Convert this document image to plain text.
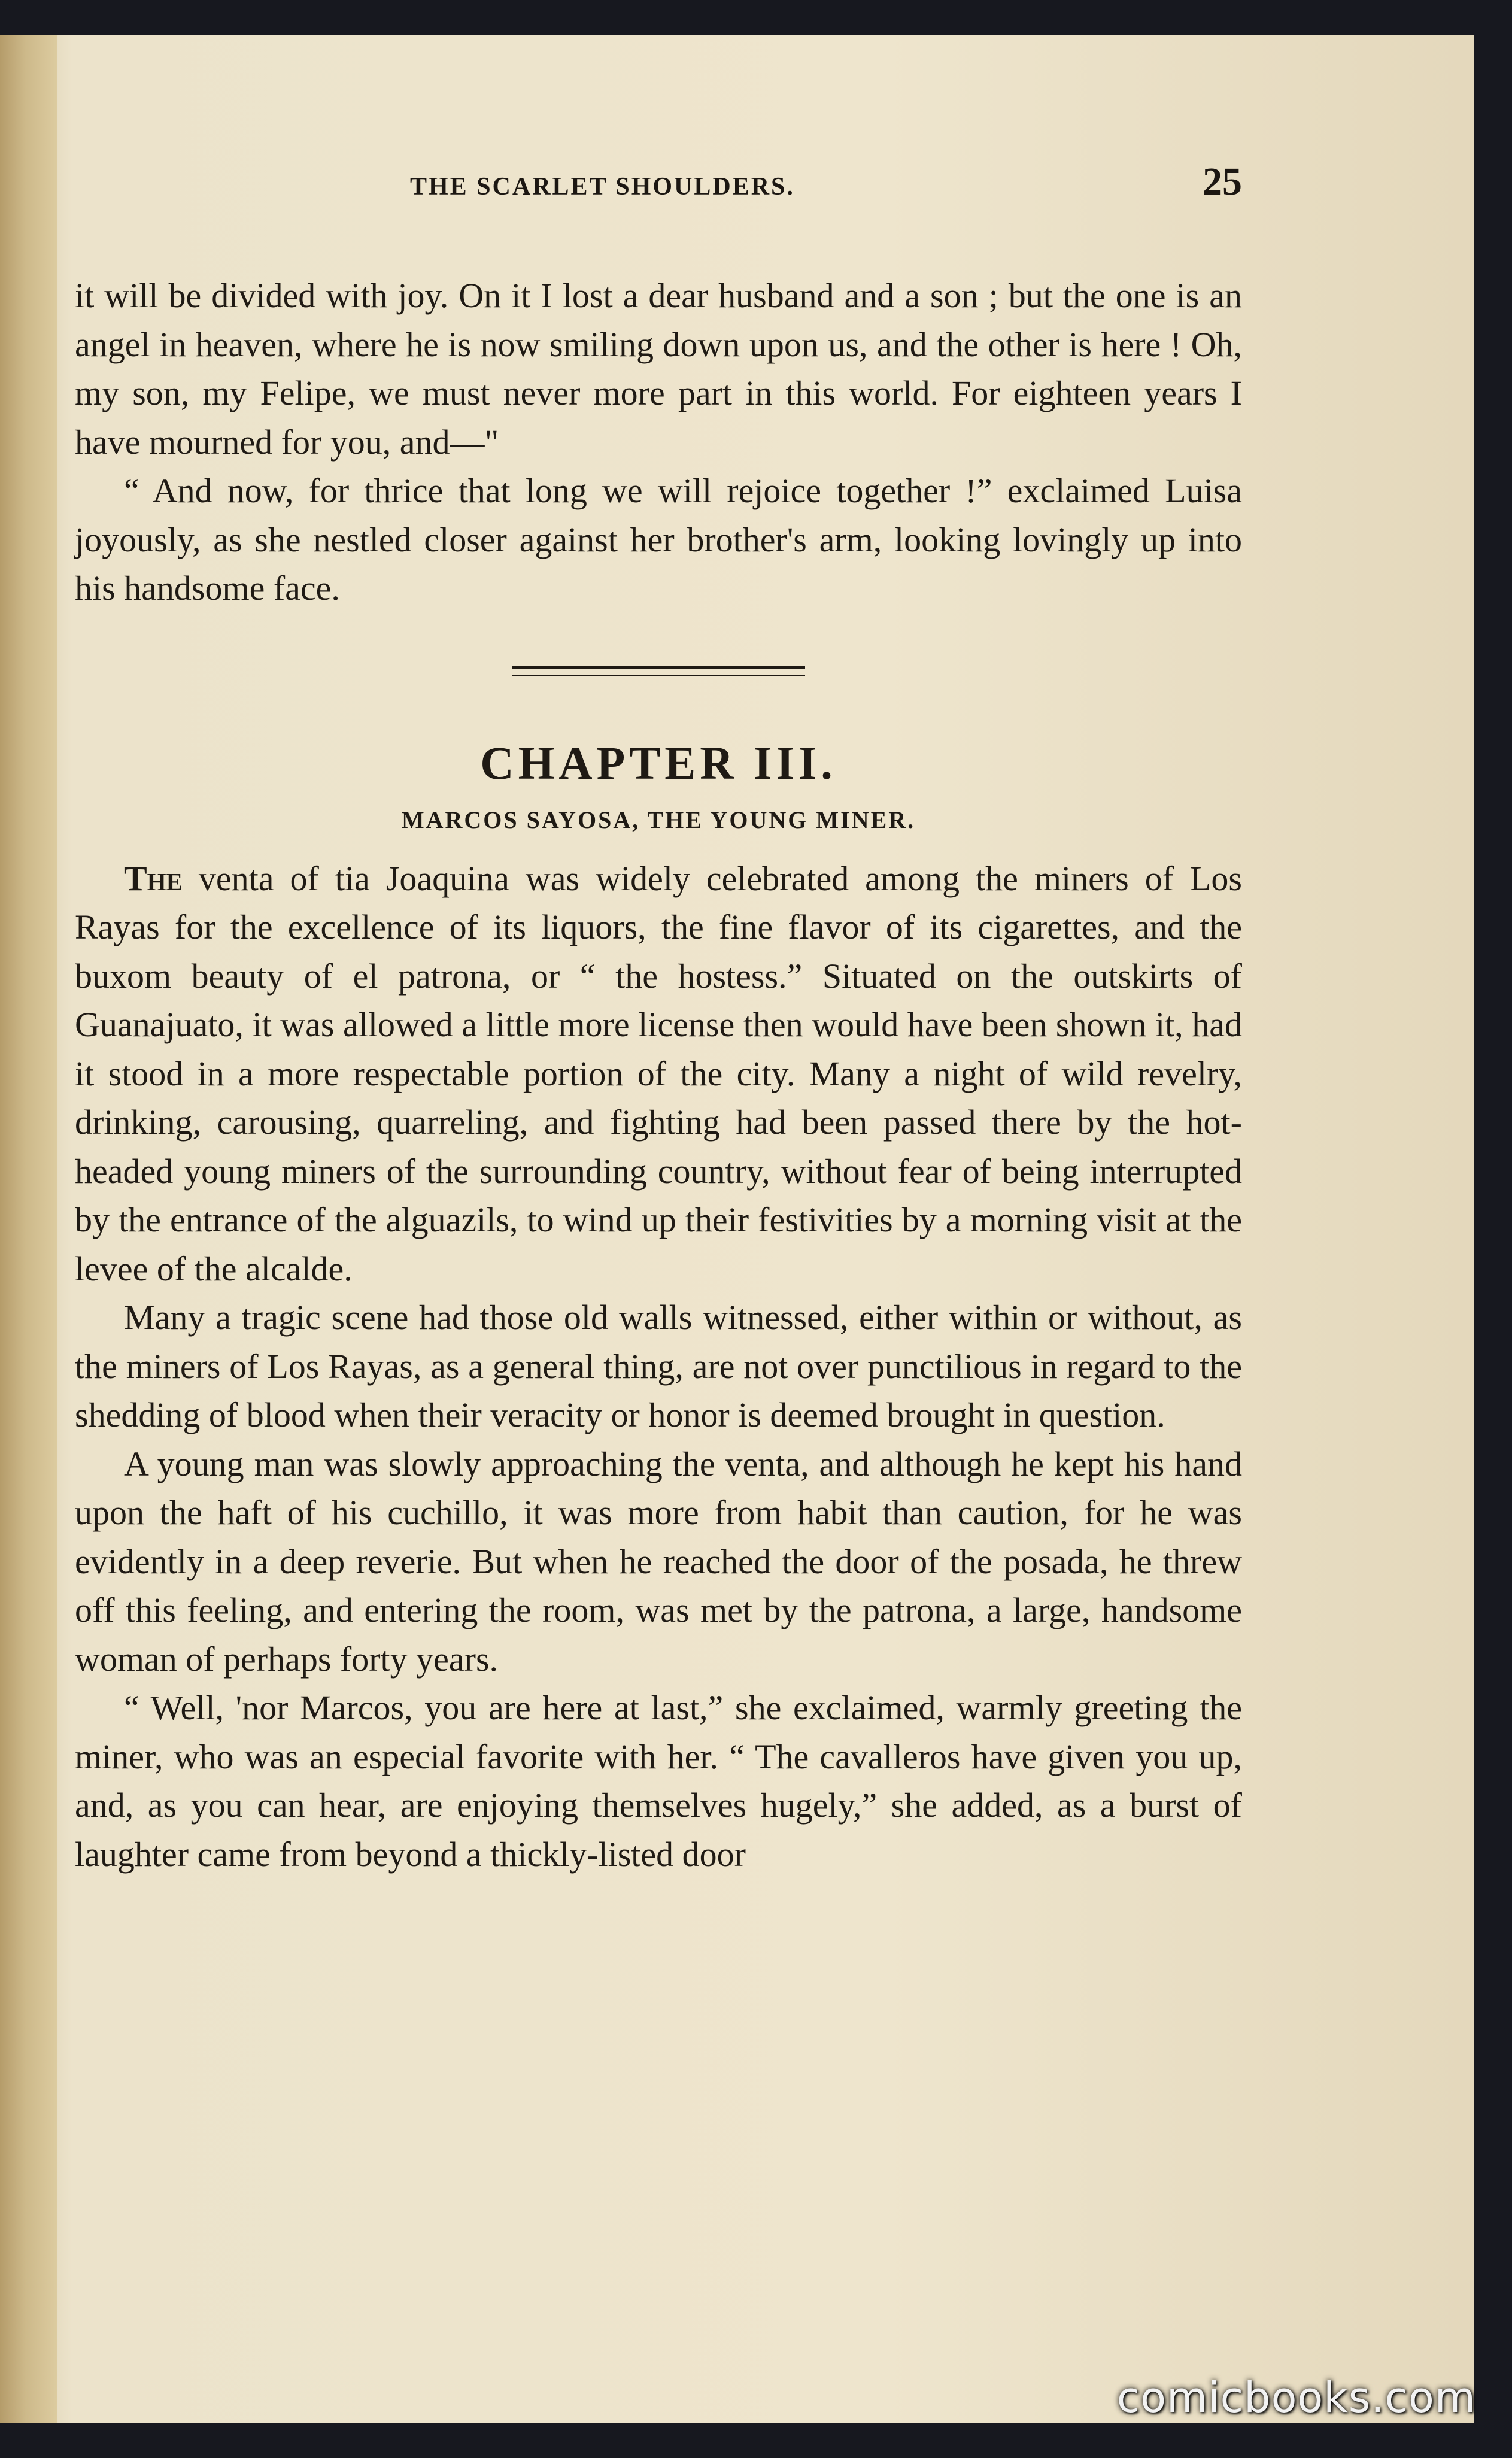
THE SCARLET SHOULDERS.	25

it will be divided with joy. On it I lost a dear husband and a son ; but the one is an angel in heaven, where he is now smiling down upon us, and the other is here ! Oh, my son, my Felipe, we must never more part in this world. For eighteen years I have mourned for you, and—"

“ And now, for thrice that long we will rejoice together !” exclaimed Luisa joyously, as she nestled closer against her brother's arm, looking lovingly up into his handsome face.

CHAPTER III.
MARCOS SAYOSA, THE YOUNG MINER.

The venta of tia Joaquina was widely celebrated among the miners of Los Rayas for the excellence of its liquors, the fine flavor of its cigarettes, and the buxom beauty of el patrona, or “ the hostess.” Situated on the outskirts of Guanajuato, it was allowed a little more license then would have been shown it, had it stood in a more respectable portion of the city. Many a night of wild revelry, drinking, carousing, quarreling, and fighting had been passed there by the hot-headed young miners of the surrounding country, without fear of being interrupted by the entrance of the alguazils, to wind up their festivities by a morning visit at the levee of the alcalde.

Many a tragic scene had those old walls witnessed, either within or without, as the miners of Los Rayas, as a general thing, are not over punctilious in regard to the shedding of blood when their veracity or honor is deemed brought in question.

A young man was slowly approaching the venta, and although he kept his hand upon the haft of his cuchillo, it was more from habit than caution, for he was evidently in a deep reverie. But when he reached the door of the posada, he threw off this feeling, and entering the room, was met by the patrona, a large, handsome woman of perhaps forty years.

“ Well, 'nor Marcos, you are here at last,” she exclaimed, warmly greeting the miner, who was an especial favorite with her. “ The cavalleros have given you up, and, as you can hear, are enjoying themselves hugely,” she added, as a burst of laughter came from beyond a thickly-listed door

comicbooks.com
